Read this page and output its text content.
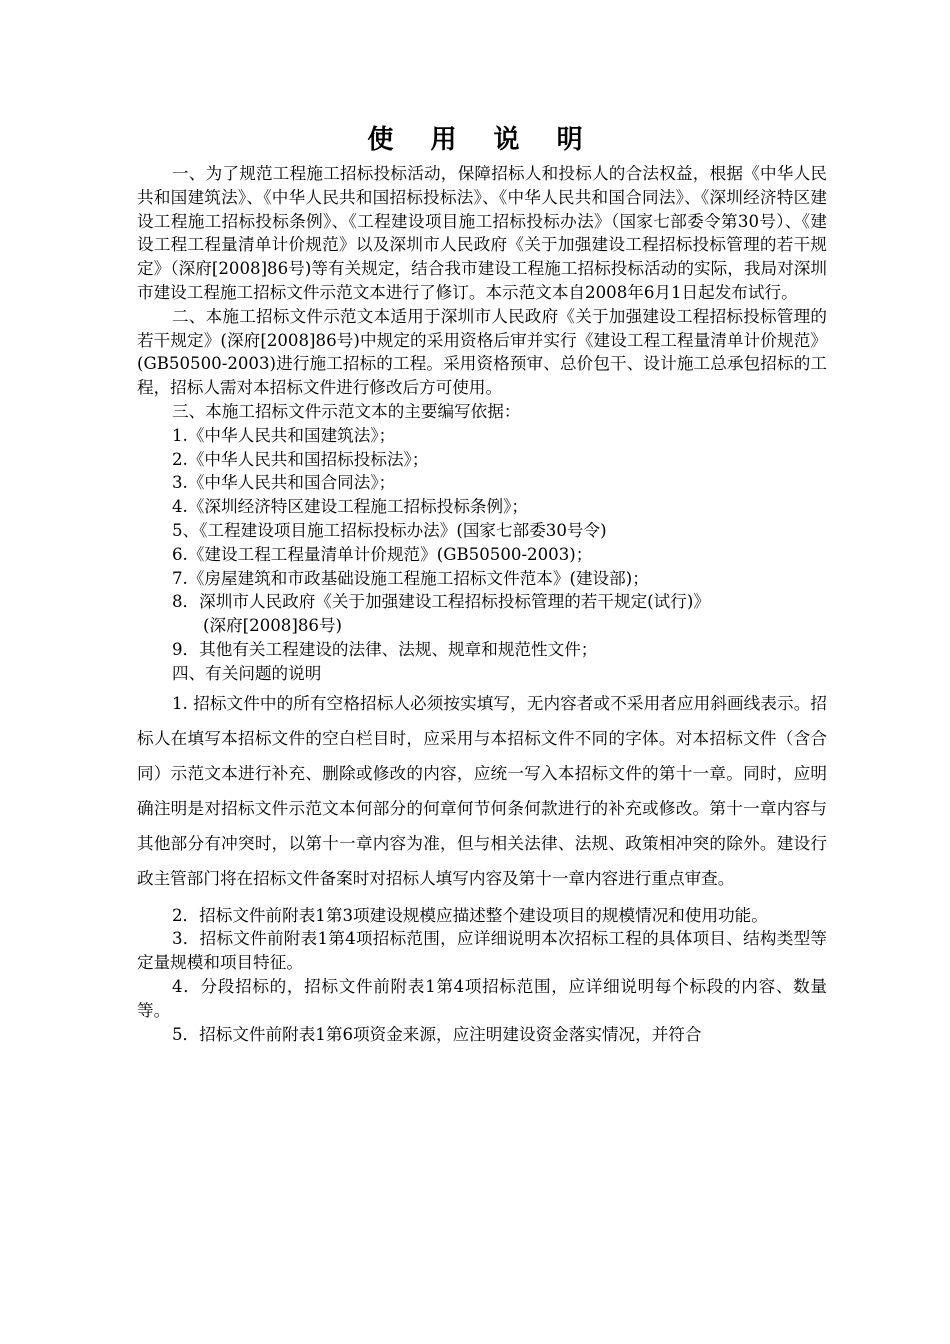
使 用 说 明

一、为了规范工程施工招标投标活动，保障招标人和投标人的合法权益，根据《中华人民共和国建筑法》、《中华人民共和国招标投标法》、《中华人民共和国合同法》、《深圳经济特区建设工程施工招标投标条例》、《工程建设项目施工招标投标办法》（国家七部委令第30号）、《建设工程工程量清单计价规范》以及深圳市人民政府《关于加强建设工程招标投标管理的若干规定》（深府[2008]86号)等有关规定，结合我市建设工程施工招标投标活动的实际，我局对深圳市建设工程施工招标文件示范文本进行了修订。本示范文本自2008年6月1日起发布试行。

二、本施工招标文件示范文本适用于深圳市人民政府《关于加强建设工程招标投标管理的若干规定》(深府[2008]86号)中规定的采用资格后审并实行《建设工程工程量清单计价规范》(GB50500-2003)进行施工招标的工程。采用资格预审、总价包干、设计施工总承包招标的工程，招标人需对本招标文件进行修改后方可使用。

三、本施工招标文件示范文本的主要编写依据：

1.《中华人民共和国建筑法》；

2.《中华人民共和国招标投标法》；

3.《中华人民共和国合同法》；

4.《深圳经济特区建设工程施工招标投标条例》；

5、《工程建设项目施工招标投标办法》(国家七部委30号令)

6.《建设工程工程量清单计价规范》(GB50500-2003)；

7.《房屋建筑和市政基础设施工程施工招标文件范本》(建设部)；

8．深圳市人民政府《关于加强建设工程招标投标管理的若干规定(试行)》
(深府[2008]86号)

9．其他有关工程建设的法律、法规、规章和规范性文件；

四、有关问题的说明

1. 招标文件中的所有空格招标人必须按实填写，无内容者或不采用者应用斜画线表示。招标人在填写本招标文件的空白栏目时，应采用与本招标文件不同的字体。对本招标文件（含合同）示范文本进行补充、删除或修改的内容，应统一写入本招标文件的第十一章。同时，应明确注明是对招标文件示范文本何部分的何章何节何条何款进行的补充或修改。第十一章内容与其他部分有冲突时，以第十一章内容为准，但与相关法律、法规、政策相冲突的除外。建设行政主管部门将在招标文件备案时对招标人填写内容及第十一章内容进行重点审查。

2．招标文件前附表1第3项建设规模应描述整个建设项目的规模情况和使用功能。

3．招标文件前附表1第4项招标范围，应详细说明本次招标工程的具体项目、结构类型等定量规模和项目特征。

4．分段招标的，招标文件前附表1第4项招标范围，应详细说明每个标段的内容、数量等。

5．招标文件前附表1第6项资金来源，应注明建设资金落实情况，并符合
